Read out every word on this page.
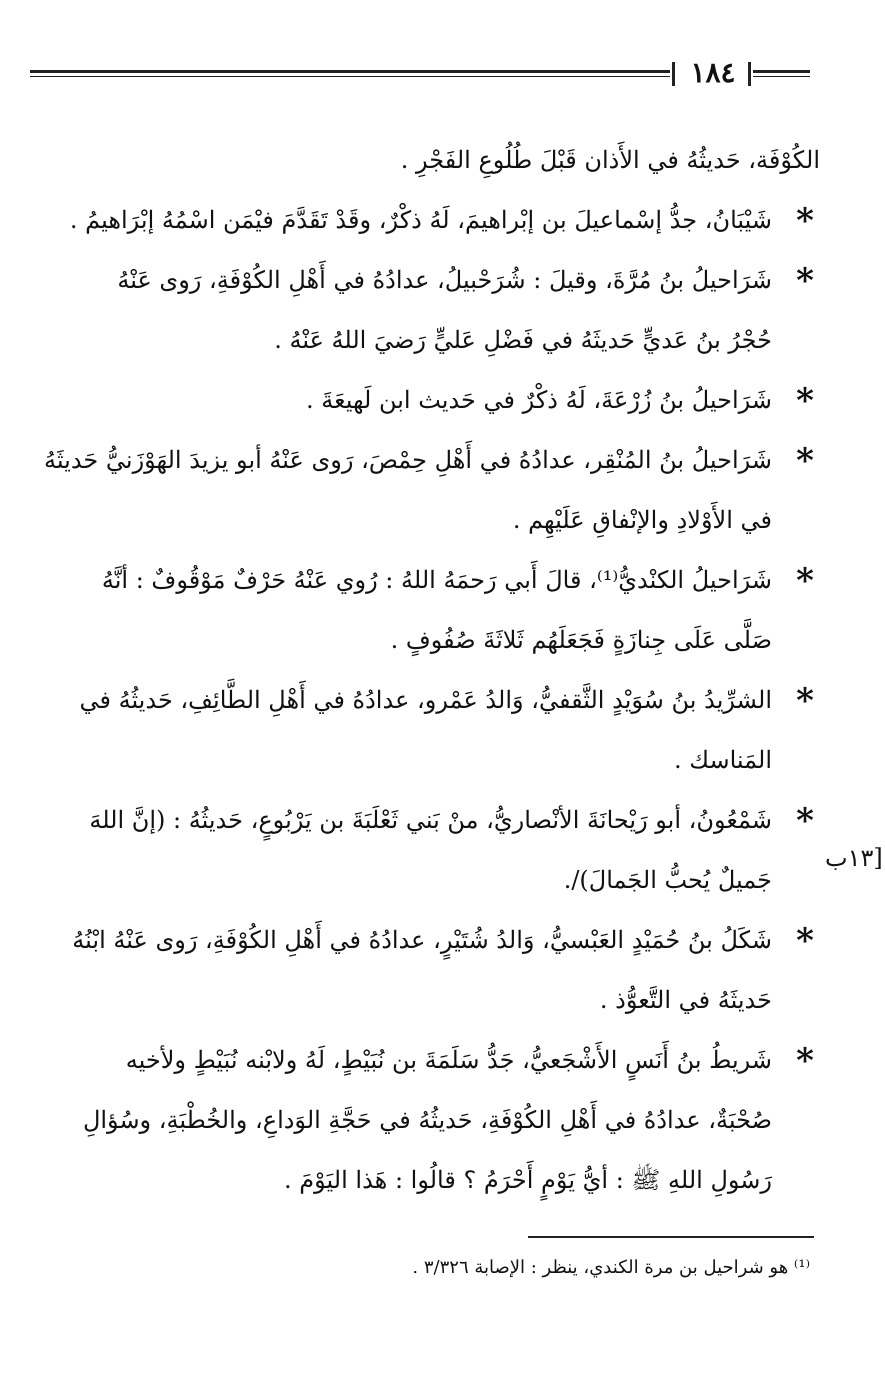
١٨٤
الكُوْفَة، حَديثُهُ في الأَذان قَبْلَ طُلُوعِ الفَجْرِ .
*
شَيْبَانُ، جدُّ إسْماعيلَ بن إبْراهيمَ، لَهُ ذكْرٌ، وقَدْ تَقَدَّمَ فيْمَن اسْمُهُ إبْرَاهيمُ .
*
شَرَاحيلُ بنُ مُرَّةَ، وقيلَ : شُرَحْبيلُ، عدادُهُ في أَهْلِ الكُوْفَةِ، رَوى عَنْهُ
حُجْرُ بنُ عَديٍّ حَديثَهُ في فَضْلِ عَليٍّ رَضيَ اللهُ عَنْهُ .
*
شَرَاحيلُ بنُ زُرْعَةَ، لَهُ ذكْرٌ في حَديث ابن لَهيعَةَ .
*
شَرَاحيلُ بنُ المُنْقِر، عدادُهُ في أَهْلِ حِمْصَ، رَوى عَنْهُ أبو يزيدَ الهَوْزَنيُّ حَديثَهُ
في الأَوْلادِ والإنْفاقِ عَلَيْهِم .
*
شَرَاحيلُ الكنْديُّ⁽¹⁾، قالَ أَبي رَحمَهُ اللهُ : رُوي عَنْهُ حَرْفٌ مَوْقُوفٌ : أنَّهُ
صَلَّى عَلَى جِنازَةٍ فَجَعَلَهُم ثَلاثَةَ صُفُوفٍ .
*
الشرِّيدُ بنُ سُوَيْدٍ الثَّقفيُّ، وَالدُ عَمْرو، عدادُهُ في أَهْلِ الطَّائِفِ، حَديثُهُ في
المَناسك .
*
شَمْعُونُ، أبو رَيْحانَةَ الأنْصاريُّ، منْ بَني ثَعْلَبَةَ بن يَرْبُوعٍ، حَديثُهُ : (إنَّ اللهَ
جَميلٌ يُحبُّ الجَمالَ)/.
١٣ب]
*
شَكَلُ بنُ حُمَيْدٍ العَبْسيُّ، وَالدُ شُتَيْرٍ، عدادُهُ في أَهْلِ الكُوْفَةِ، رَوى عَنْهُ ابْنُهُ
حَديثَهُ في التَّعوُّذ .
*
شَريطُ بنُ أَنَسٍ الأَشْجَعيُّ، جَدُّ سَلَمَةَ بن نُبَيْطٍ، لَهُ ولابْنه نُبَيْطٍ ولأخيه
صُحْبَةٌ، عدادُهُ في أَهْلِ الكُوْفَةِ، حَديثُهُ في حَجَّةِ الوَداعِ، والخُطْبَةِ، وسُؤالِ
رَسُولِ اللهِ ﷺ : أيُّ يَوْمٍ أَحْرَمُ ؟ قالُوا : هَذا اليَوْمَ .
⁽¹⁾ هو شراحيل بن مرة الكندي، ينظر : الإصابة ٣/٣٢٦ .
